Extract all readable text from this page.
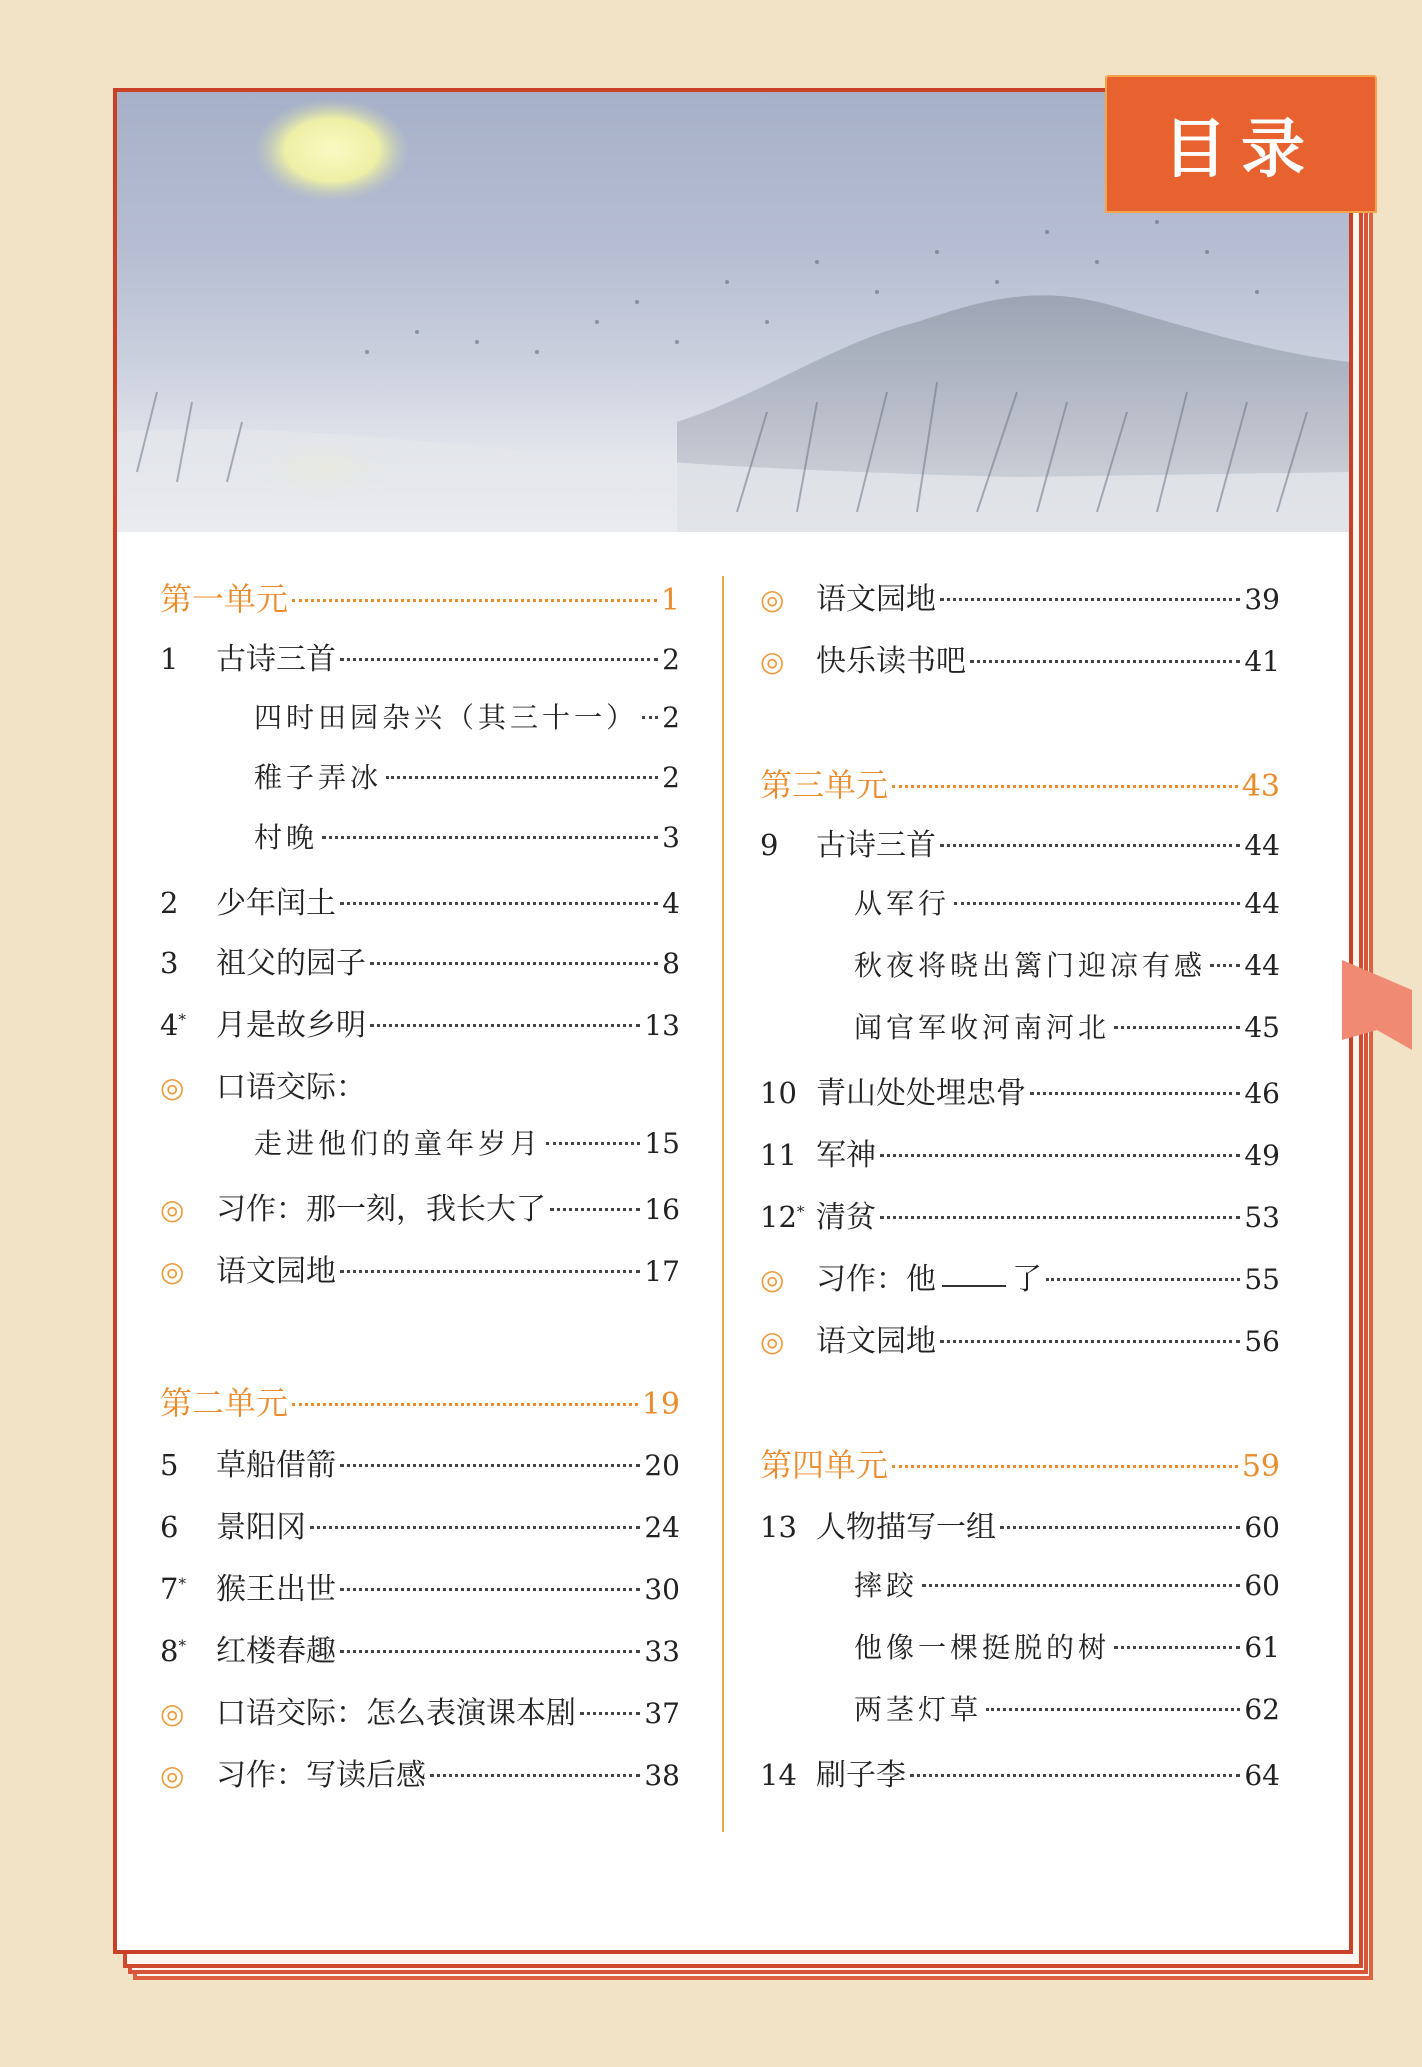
目录
第一单元	1
1	古诗三首	2
四时田园杂兴（其三十一） 2
稚子弄冰	2
村晚	3
2	少年闰土	4
3	祖父的园子	8
4*	月是故乡明	13
◎	口语交际：
走进他们的童年岁月	15
◎	习作：那一刻，我长大了	16
◎	语文园地	17
第二单元	19
5	草船借箭	20
6	景阳冈	24
7*	猴王出世	30
8*	红楼春趣	33
◎	口语交际：怎么表演课本剧 37
◎	习作：写读后感	38
◎	语文园地	39
◎	快乐读书吧	41
第三单元	43
9	古诗三首	44
从军行	44
秋夜将晓出篱门迎凉有感 44
闻官军收河南河北	45
10 青山处处埋忠骨	46
11 军神	49
12* 清贫	53
◎	习作：他	了	55
◎	语文园地	56
第四单元	59
13 人物描写一组	60
摔跤	60
他像一棵挺脱的树	61
两茎灯草	62
14 刷子李	64
